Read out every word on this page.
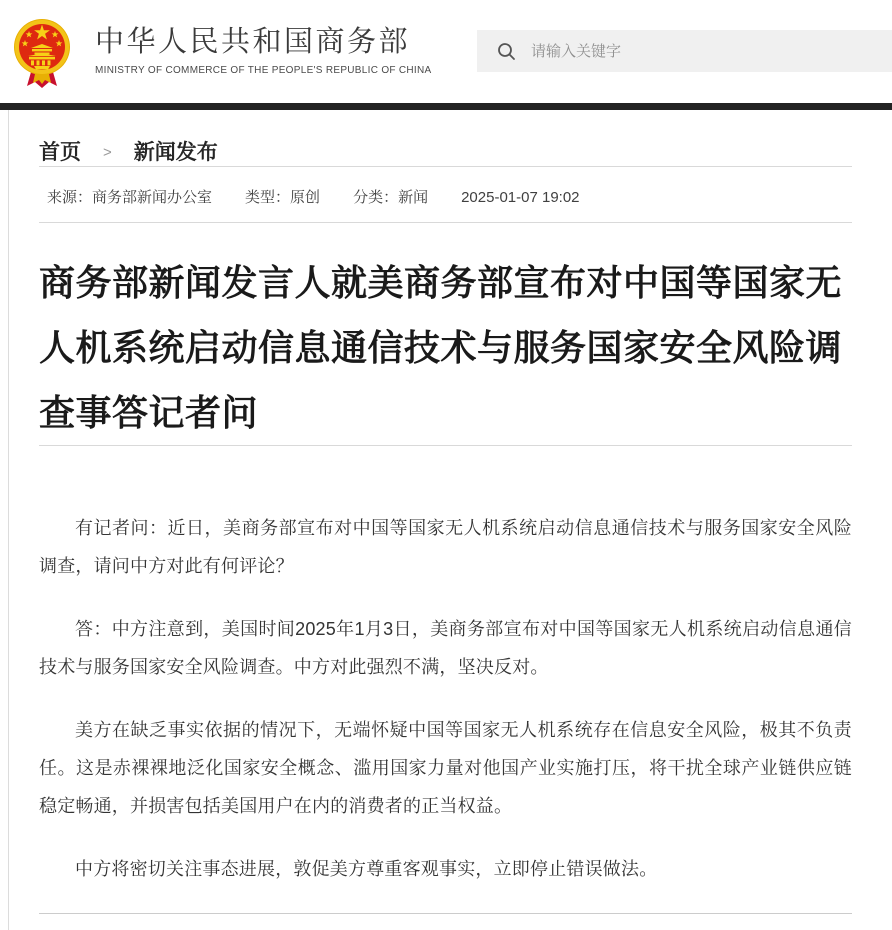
中华人民共和国商务部
MINISTRY OF COMMERCE OF THE PEOPLE'S REPUBLIC OF CHINA
请输入关键字
首页 > 新闻发布
来源：商务部新闻办公室 类型：原创 分类：新闻 2025-01-07 19:02
商务部新闻发言人就美商务部宣布对中国等国家无人机系统启动信息通信技术与服务国家安全风险调查事答记者问

有记者问：近日，美商务部宣布对中国等国家无人机系统启动信息通信技术与服务国家安全风险调查，请问中方对此有何评论？

答：中方注意到，美国时间2025年1月3日，美商务部宣布对中国等国家无人机系统启动信息通信技术与服务国家安全风险调查。中方对此强烈不满，坚决反对。

美方在缺乏事实依据的情况下，无端怀疑中国等国家无人机系统存在信息安全风险，极其不负责任。这是赤裸裸地泛化国家安全概念、滥用国家力量对他国产业实施打压，将干扰全球产业链供应链稳定畅通，并损害包括美国用户在内的消费者的正当权益。

中方将密切关注事态进展，敦促美方尊重客观事实，立即停止错误做法。
